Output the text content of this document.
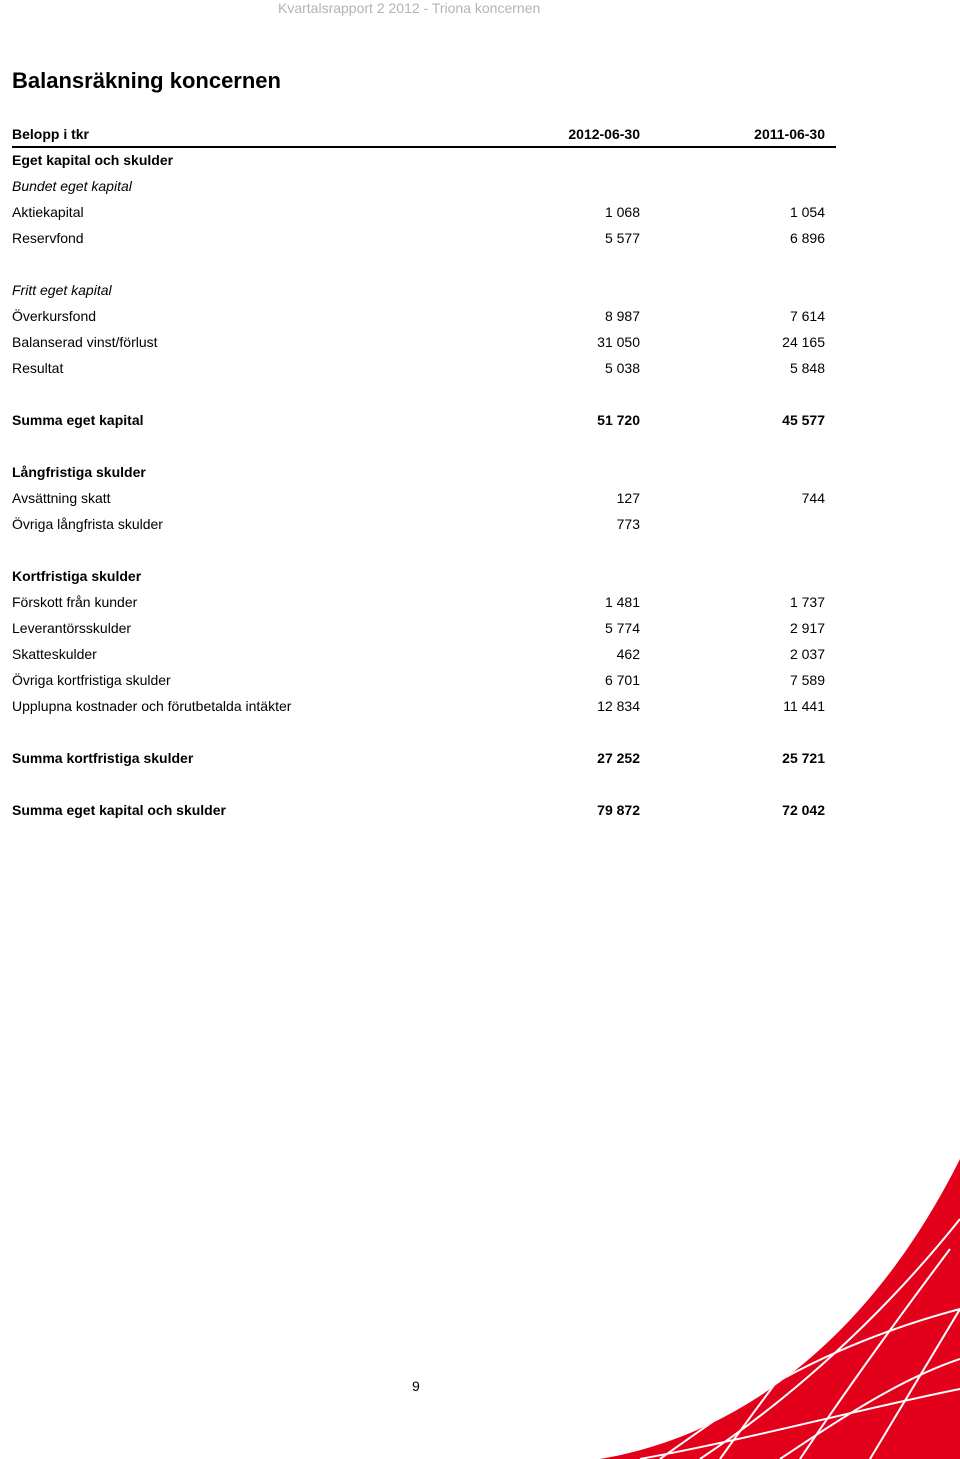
Kvartalsrapport 2 2012 - Triona koncernen
Balansräkning koncernen
Belopp i tkr	2012-06-30	2011-06-30
Eget kapital och skulder
Bundet eget kapital
Aktiekapital	1 068	1 054
Reservfond	5 577	6 896
Fritt eget kapital
Överkursfond	8 987	7 614
Balanserad vinst/förlust	31 050	24 165
Resultat	5 038	5 848
Summa eget kapital	51 720	45 577
Långfristiga skulder
Avsättning skatt	127	744
Övriga långfrista skulder	773
Kortfristiga skulder
Förskott från kunder	1 481	1 737
Leverantörsskulder	5 774	2 917
Skatteskulder	462	2 037
Övriga kortfristiga skulder	6 701	7 589
Upplupna kostnader och förutbetalda intäkter	12 834	11 441
Summa kortfristiga skulder	27 252	25 721
Summa eget kapital och skulder	79 872	72 042
9
